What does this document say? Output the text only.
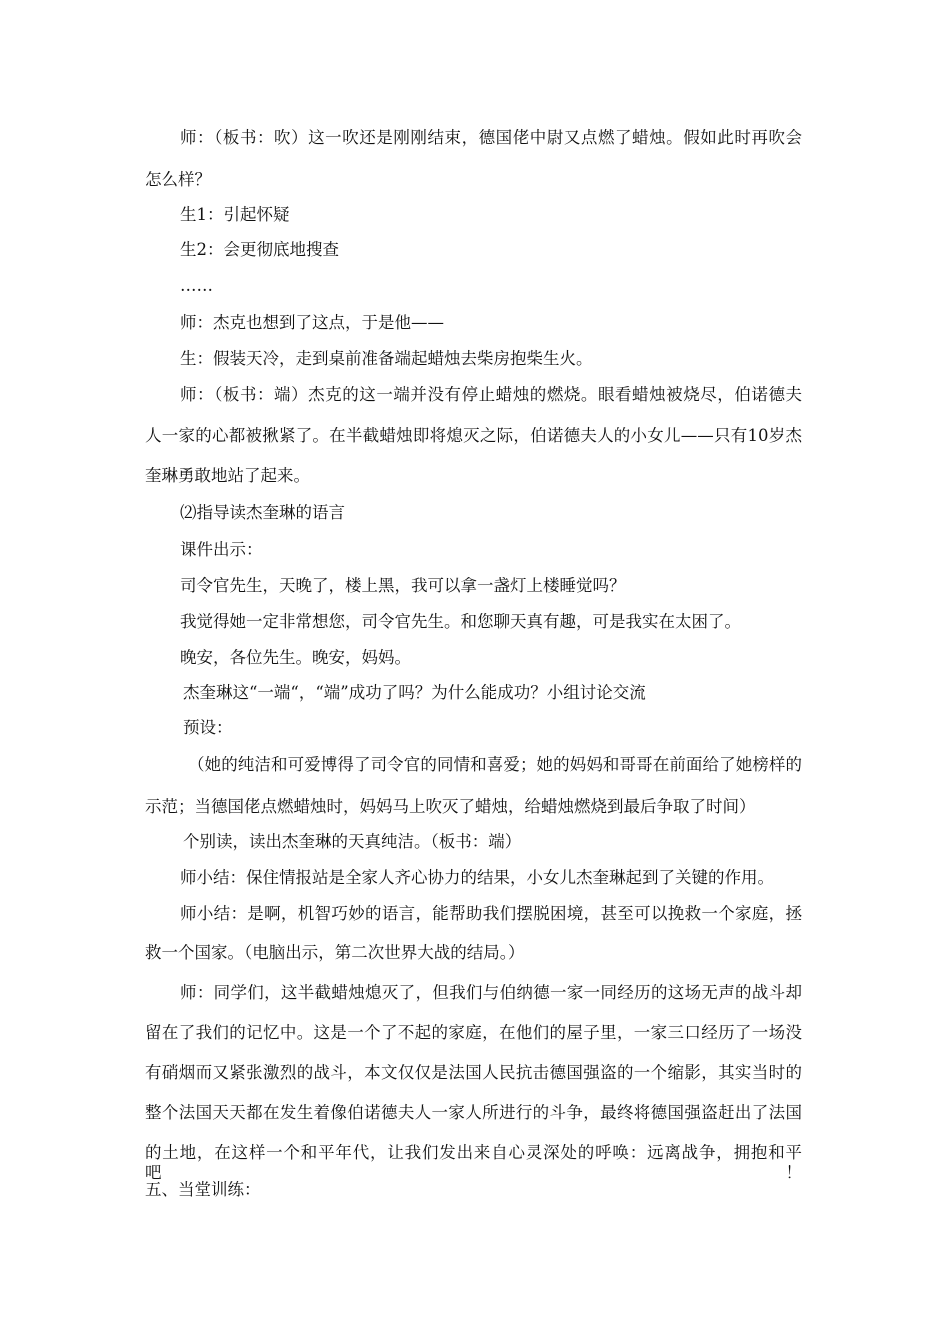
师：（板书：吹）这一吹还是刚刚结束，德国佬中尉又点燃了蜡烛。假如此时再吹会
怎么样？
生1：引起怀疑
生2：会更彻底地搜查
……
师：杰克也想到了这点，于是他——
生：假装天冷，走到桌前准备端起蜡烛去柴房抱柴生火。
师：（板书：端）杰克的这一端并没有停止蜡烛的燃烧。眼看蜡烛被烧尽，伯诺德夫
人一家的心都被揪紧了。在半截蜡烛即将熄灭之际，伯诺德夫人的小女儿——只有10岁杰
奎琳勇敢地站了起来。
⑵指导读杰奎琳的语言
课件出示：
司令官先生，天晚了，楼上黑，我可以拿一盏灯上楼睡觉吗？
我觉得她一定非常想您，司令官先生。和您聊天真有趣，可是我实在太困了。
晚安，各位先生。晚安，妈妈。
杰奎琳这“一端“，“端”成功了吗？为什么能成功？小组讨论交流
预设：
（她的纯洁和可爱博得了司令官的同情和喜爱；她的妈妈和哥哥在前面给了她榜样的
示范；当德国佬点燃蜡烛时，妈妈马上吹灭了蜡烛，给蜡烛燃烧到最后争取了时间）
个别读，读出杰奎琳的天真纯洁。（板书：端）
师小结：保住情报站是全家人齐心协力的结果，小女儿杰奎琳起到了关键的作用。
师小结：是啊，机智巧妙的语言，能帮助我们摆脱困境，甚至可以挽救一个家庭，拯
救一个国家。（电脑出示，第二次世界大战的结局。）
师：同学们，这半截蜡烛熄灭了，但我们与伯纳德一家一同经历的这场无声的战斗却
留在了我们的记忆中。这是一个了不起的家庭，在他们的屋子里，一家三口经历了一场没
有硝烟而又紧张激烈的战斗，本文仅仅是法国人民抗击德国强盗的一个缩影，其实当时的
整个法国天天都在发生着像伯诺德夫人一家人所进行的斗争，最终将德国强盗赶出了法国
的土地，在这样一个和平年代，让我们发出来自心灵深处的呼唤：远离战争，拥抱和平吧！
五、当堂训练：
